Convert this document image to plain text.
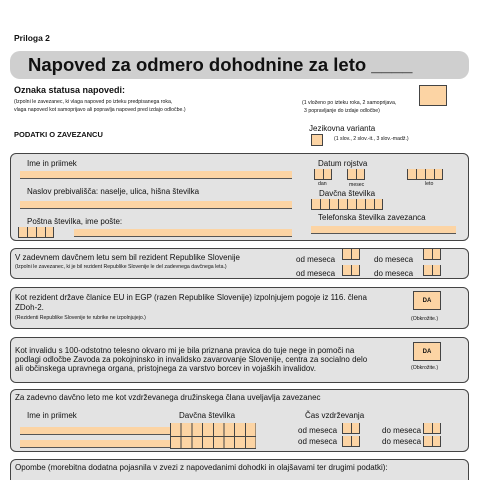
Priloga 2
Napoved za odmero dohodnine za leto ____
Oznaka statusa napovedi:
(Izpolni le zavezanec, ki vlaga napoved po izteku predpisanega roka,
vlaga napoved kot samoprijavo ali popravlja napoved pred izdajo odločbe.)
(1 vloženo po izteku roka, 2 samoprijava,
3 popravljanje do izdaje odločbe)
PODATKI O ZAVEZANCU
Jezikovna varianta
(1 slov., 2 slov.-it., 3 slov.-madž.)
Ime in priimek	Datum rojstva
dan	mesec	leto
Naslov prebivališča: naselje, ulica, hišna številka	Davčna številka
Poštna številka, ime pošte:	Telefonska številka zavezanca
V zadevnem davčnem letu sem bil rezident Republike Slovenije
(Izpolni le zavezanec, ki je bil rezident Republike Slovenije le del zadevnega davčnega leta.)
od meseca	do meseca
od meseca	do meseca
Kot rezident države članice EU in EGP (razen Republike Slovenije) izpolnjujem pogoje iz 116. člena
ZDoh-2.
(Rezidenti Republike Slovenije te rubrike ne izpolnjujejo.)
DA
(Obkrožite.)
Kot invalidu s 100-odstotno telesno okvaro mi je bila priznana pravica do tuje nege in pomoči na
podlagi odločbe Zavoda za pokojninsko in invalidsko zavarovanje Slovenije, centra za socialno delo
ali občinskega upravnega organa, pristojnega za varstvo borcev in vojaških invalidov.
DA
(Obkrožite.)
Za zadevno davčno leto me kot vzdrževanega družinskega člana uveljavlja zavezanec
Ime in priimek	Davčna številka	Čas vzdrževanja
od meseca	do meseca
od meseca	do meseca
Opombe (morebitna dodatna pojasnila v zvezi z napovedanimi dohodki in olajšavami ter drugimi podatki):
